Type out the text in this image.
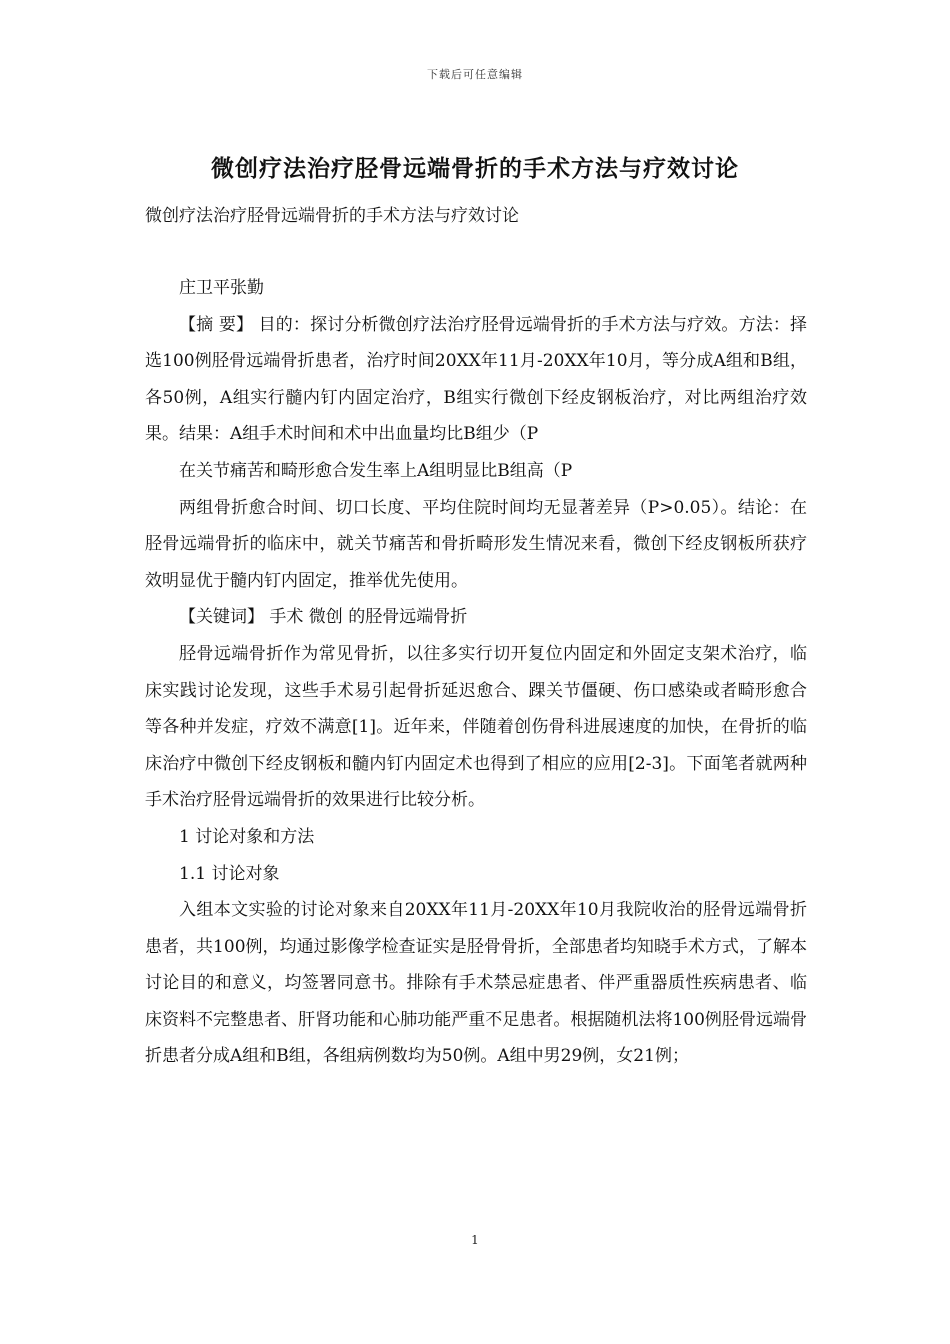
下载后可任意编辑
微创疗法治疗胫骨远端骨折的手术方法与疗效讨论

微创疗法治疗胫骨远端骨折的手术方法与疗效讨论

庄卫平张勤

【摘 要】 目的：探讨分析微创疗法治疗胫骨远端骨折的手术方法与疗效。方法：择选100例胫骨远端骨折患者，治疗时间20XX年11月-20XX年10月，等分成A组和B组，各50例，A组实行髓内钉内固定治疗，B组实行微创下经皮钢板治疗，对比两组治疗效果。结果：A组手术时间和术中出血量均比B组少（P

在关节痛苦和畸形愈合发生率上A组明显比B组高（P

两组骨折愈合时间、切口长度、平均住院时间均无显著差异（P>0.05）。结论：在胫骨远端骨折的临床中，就关节痛苦和骨折畸形发生情况来看，微创下经皮钢板所获疗效明显优于髓内钉内固定，推举优先使用。

【关键词】 手术 微创 的胫骨远端骨折

胫骨远端骨折作为常见骨折，以往多实行切开复位内固定和外固定支架术治疗，临床实践讨论发现，这些手术易引起骨折延迟愈合、踝关节僵硬、伤口感染或者畸形愈合等各种并发症，疗效不满意[1]。近年来，伴随着创伤骨科进展速度的加快，在骨折的临床治疗中微创下经皮钢板和髓内钉内固定术也得到了相应的应用[2-3]。下面笔者就两种手术治疗胫骨远端骨折的效果进行比较分析。

1 讨论对象和方法

1.1 讨论对象

入组本文实验的讨论对象来自20XX年11月-20XX年10月我院收治的胫骨远端骨折患者，共100例，均通过影像学检查证实是胫骨骨折，全部患者均知晓手术方式，了解本讨论目的和意义，均签署同意书。排除有手术禁忌症患者、伴严重器质性疾病患者、临床资料不完整患者、肝肾功能和心肺功能严重不足患者。根据随机法将100例胫骨远端骨折患者分成A组和B组，各组病例数均为50例。A组中男29例，女21例；

1
